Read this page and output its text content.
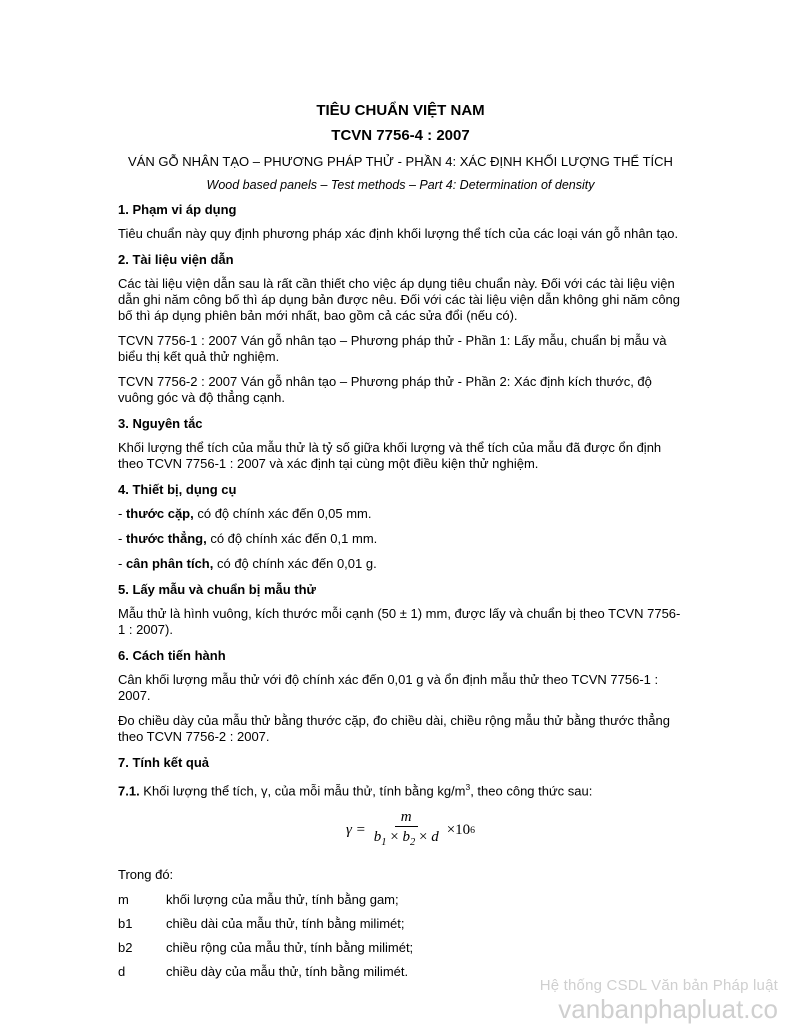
TIÊU CHUẨN VIỆT NAM
TCVN 7756-4 : 2007
VÁN GỖ NHÂN TẠO – PHƯƠNG PHÁP THỬ - PHẦN 4: XÁC ĐỊNH KHỐI LƯỢNG THỂ TÍCH
Wood based panels – Test methods – Part 4: Determination of density
1. Phạm vi áp dụng

Tiêu chuẩn này quy định phương pháp xác định khối lượng thể tích của các loại ván gỗ nhân tạo.

2. Tài liệu viện dẫn

Các tài liệu viện dẫn sau là rất cần thiết cho việc áp dụng tiêu chuẩn này. Đối với các tài liệu viện dẫn ghi năm công bố thì áp dụng bản được nêu. Đối với các tài liệu viện dẫn không ghi năm công bố thì áp dụng phiên bản mới nhất, bao gồm cả các sửa đổi (nếu có).

TCVN 7756-1 : 2007 Ván gỗ nhân tạo – Phương pháp thử - Phần 1: Lấy mẫu, chuẩn bị mẫu và biểu thị kết quả thử nghiệm.

TCVN 7756-2 : 2007 Ván gỗ nhân tạo – Phương pháp thử - Phần 2: Xác định kích thước, độ vuông góc và độ thẳng cạnh.

3. Nguyên tắc

Khối lượng thể tích của mẫu thử là tỷ số giữa khối lượng và thể tích của mẫu đã được ổn định theo TCVN 7756-1 : 2007 và xác định tại cùng một điều kiện thử nghiệm.

4. Thiết bị, dụng cụ

- thước cặp, có độ chính xác đến 0,05 mm.

- thước thẳng, có độ chính xác đến 0,1 mm.

- cân phân tích, có độ chính xác đến 0,01 g.

5. Lấy mẫu và chuẩn bị mẫu thử

Mẫu thử là hình vuông, kích thước mỗi cạnh (50 ± 1) mm, được lấy và chuẩn bị theo TCVN 7756-1 : 2007).

6. Cách tiến hành

Cân khối lượng mẫu thử với độ chính xác đến 0,01 g và ổn định mẫu thử theo TCVN 7756-1 : 2007.

Đo chiều dày của mẫu thử bằng thước cặp, đo chiều dài, chiều rộng mẫu thử bằng thước thẳng theo TCVN 7756-2 : 2007.

7. Tính kết quả

7.1. Khối lượng thể tích, γ, của mỗi mẫu thử, tính bằng $kg/m^3$, theo công thức sau:

$\gamma = \frac{m}{b_1 \times b_2 \times d} \times 10$ 6

Trong đó:

m	khối lượng của mẫu thử, tính bằng gam;
b1	chiều dài của mẫu thử, tính bằng milimét;
b2	chiều rộng của mẫu thử, tính bằng milimét;
d	chiều dày của mẫu thử, tính bằng milimét.
Hệ thống CSDL Văn bản Pháp luật
vanbanphapluat.co
